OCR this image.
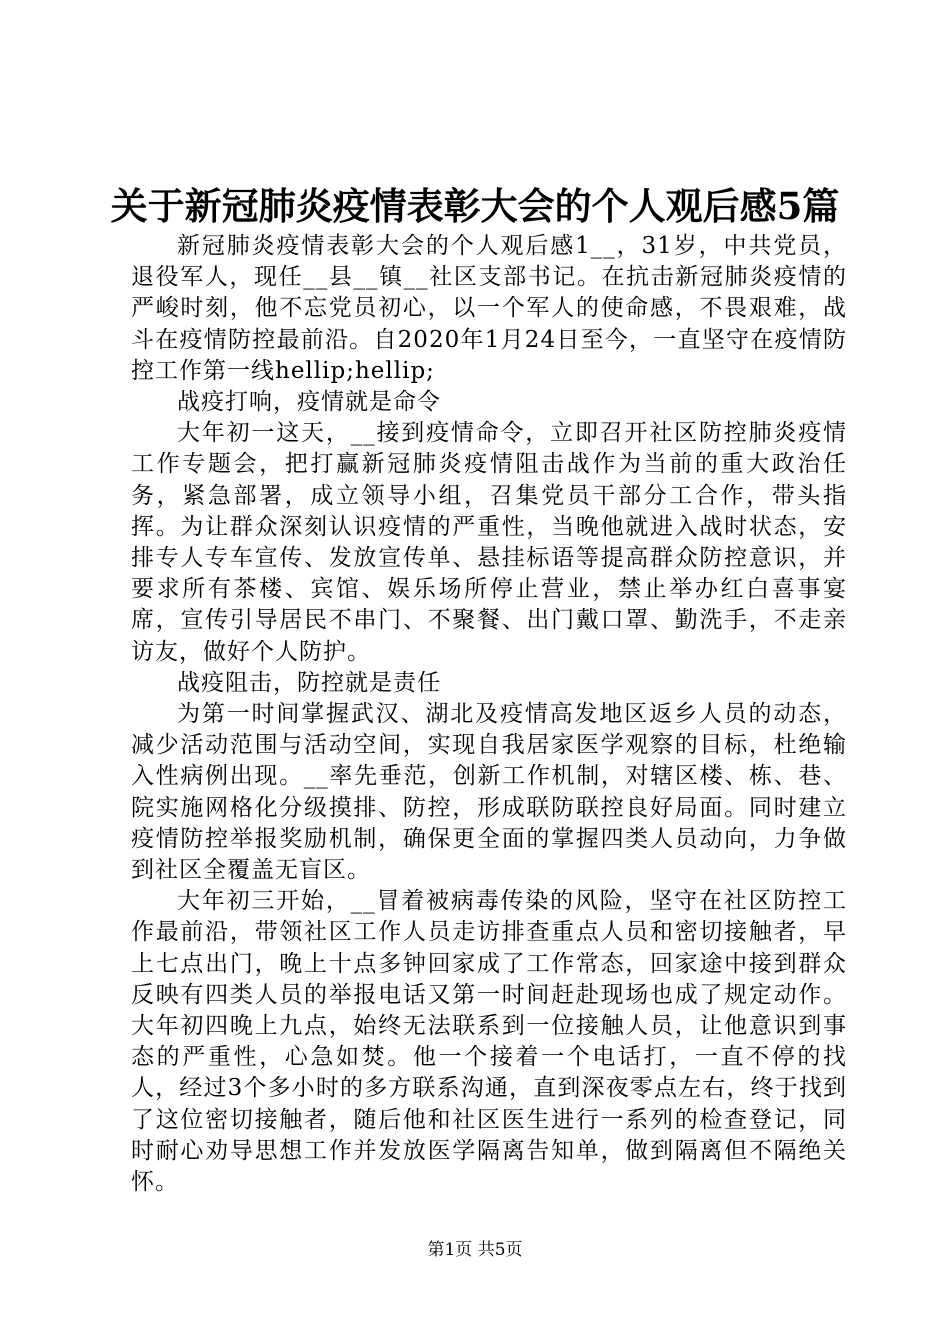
关于新冠肺炎疫情表彰大会的个人观后感5篇

新冠肺炎疫情表彰大会的个人观后感1__，31岁，中共党员，退役军人，现任__县__镇__社区支部书记。在抗击新冠肺炎疫情的严峻时刻，他不忘党员初心，以一个军人的使命感，不畏艰难，战斗在疫情防控最前沿。自2020年1月24日至今，一直坚守在疫情防控工作第一线hellip;hellip;

战疫打响，疫情就是命令

大年初一这天，__接到疫情命令，立即召开社区防控肺炎疫情工作专题会，把打赢新冠肺炎疫情阻击战作为当前的重大政治任务，紧急部署，成立领导小组，召集党员干部分工合作，带头指挥。为让群众深刻认识疫情的严重性，当晚他就进入战时状态，安排专人专车宣传、发放宣传单、悬挂标语等提高群众防控意识，并要求所有茶楼、宾馆、娱乐场所停止营业，禁止举办红白喜事宴席，宣传引导居民不串门、不聚餐、出门戴口罩、勤洗手，不走亲访友，做好个人防护。

战疫阻击，防控就是责任

为第一时间掌握武汉、湖北及疫情高发地区返乡人员的动态，减少活动范围与活动空间，实现自我居家医学观察的目标，杜绝输入性病例出现。__率先垂范，创新工作机制，对辖区楼、栋、巷、院实施网格化分级摸排、防控，形成联防联控良好局面。同时建立疫情防控举报奖励机制，确保更全面的掌握四类人员动向，力争做到社区全覆盖无盲区。

大年初三开始，__冒着被病毒传染的风险，坚守在社区防控工作最前沿，带领社区工作人员走访排查重点人员和密切接触者，早上七点出门，晚上十点多钟回家成了工作常态，回家途中接到群众反映有四类人员的举报电话又第一时间赶赴现场也成了规定动作。大年初四晚上九点，始终无法联系到一位接触人员，让他意识到事态的严重性，心急如焚。他一个接着一个电话打，一直不停的找人，经过3个多小时的多方联系沟通，直到深夜零点左右，终于找到了这位密切接触者，随后他和社区医生进行一系列的检查登记，同时耐心劝导思想工作并发放医学隔离告知单，做到隔离但不隔绝关怀。

第1页 共5页
